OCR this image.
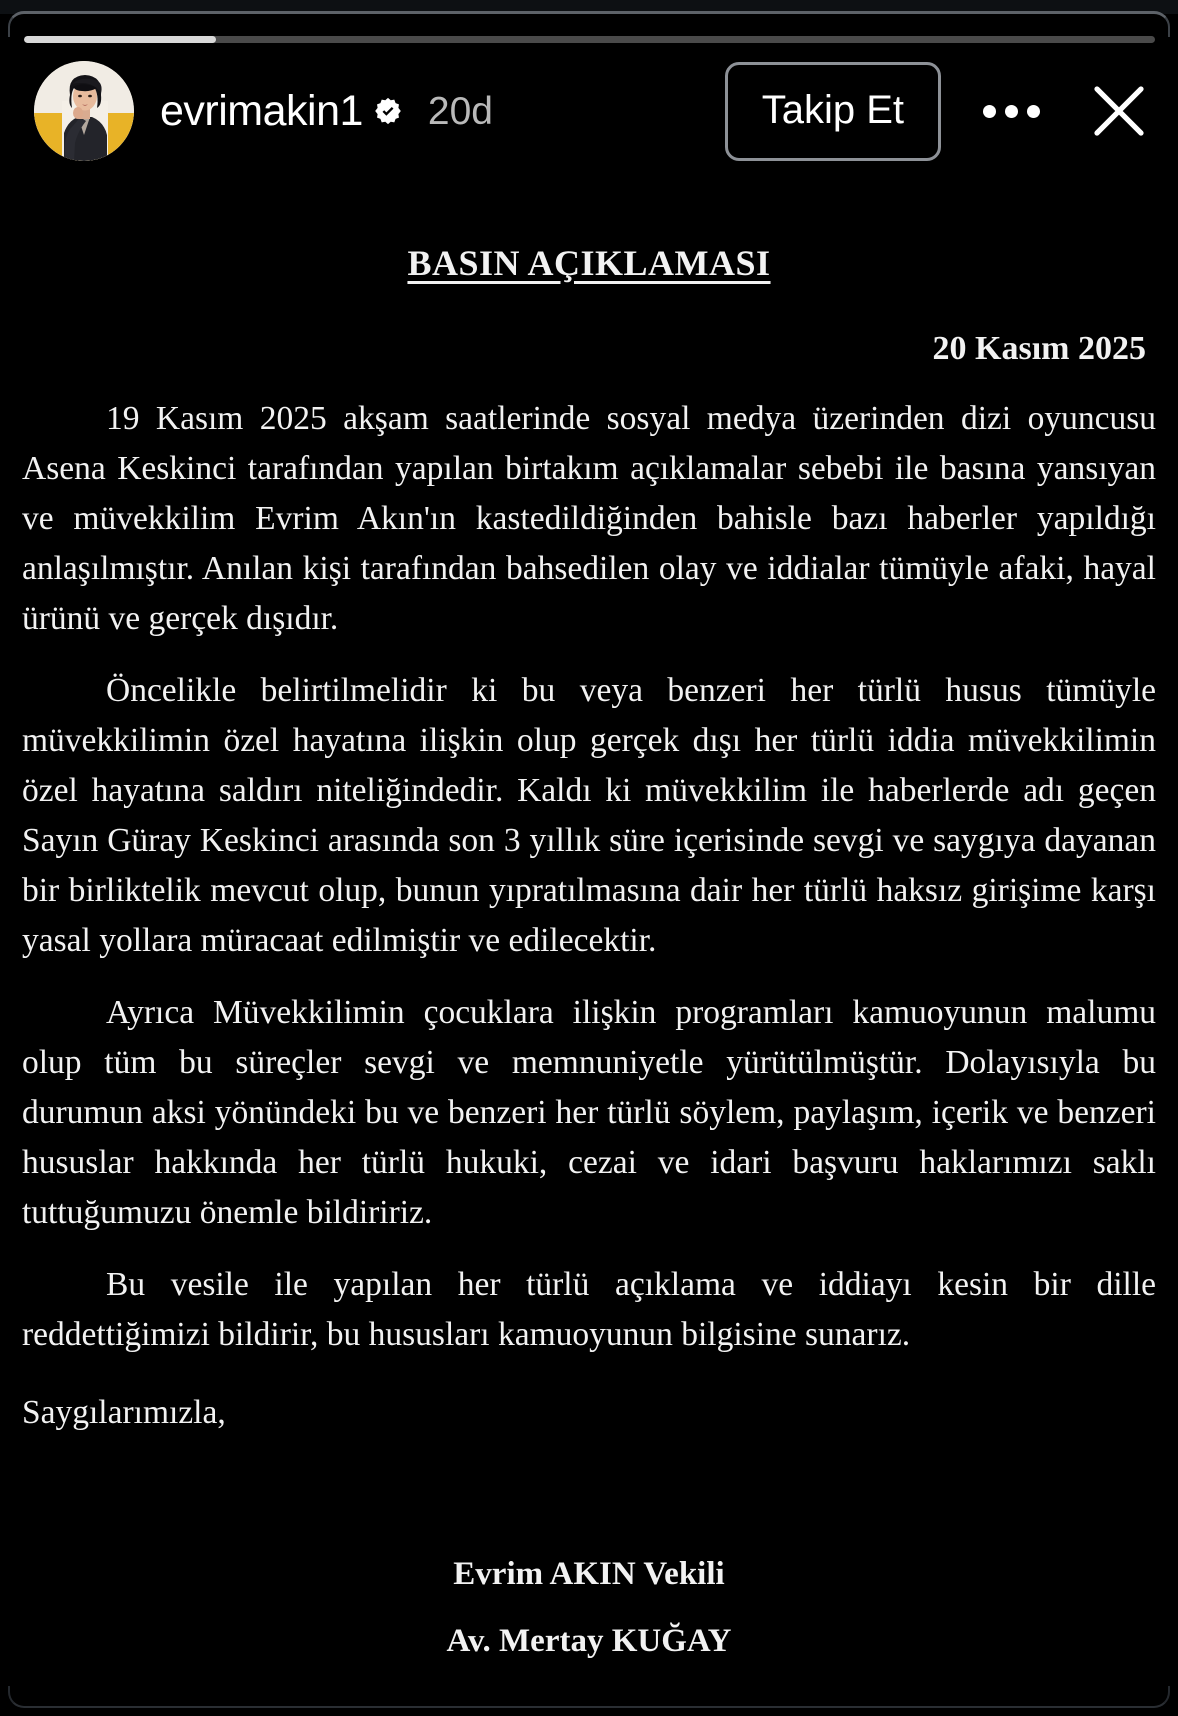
evrimakin1 20d	Takip Et
BASIN AÇIKLAMASI
20 Kasım 2025

19 Kasım 2025 akşam saatlerinde sosyal medya üzerinden dizi oyuncusu Asena Keskinci tarafından yapılan birtakım açıklamalar sebebi ile basına yansıyan ve müvekkilim Evrim Akın'ın kastedildiğinden bahisle bazı haberler yapıldığı anlaşılmıştır. Anılan kişi tarafından bahsedilen olay ve iddialar tümüyle afaki, hayal ürünü ve gerçek dışıdır.

Öncelikle belirtilmelidir ki bu veya benzeri her türlü husus tümüyle müvekkilimin özel hayatına ilişkin olup gerçek dışı her türlü iddia müvekkilimin özel hayatına saldırı niteliğindedir. Kaldı ki müvekkilim ile haberlerde adı geçen Sayın Güray Keskinci arasında son 3 yıllık süre içerisinde sevgi ve saygıya dayanan bir birliktelik mevcut olup, bunun yıpratılmasına dair her türlü haksız girişime karşı yasal yollara müracaat edilmiştir ve edilecektir.

Ayrıca Müvekkilimin çocuklara ilişkin programları kamuoyunun malumu olup tüm bu süreçler sevgi ve memnuniyetle yürütülmüştür. Dolayısıyla bu durumun aksi yönündeki bu ve benzeri her türlü söylem, paylaşım, içerik ve benzeri hususlar hakkında her türlü hukuki, cezai ve idari başvuru haklarımızı saklı tuttuğumuzu önemle bildiririz.

Bu vesile ile yapılan her türlü açıklama ve iddiayı kesin bir dille reddettiğimizi bildirir, bu hususları kamuoyunun bilgisine sunarız.

Saygılarımızla,

Evrim AKIN Vekili
Av. Mertay KUĞAY
